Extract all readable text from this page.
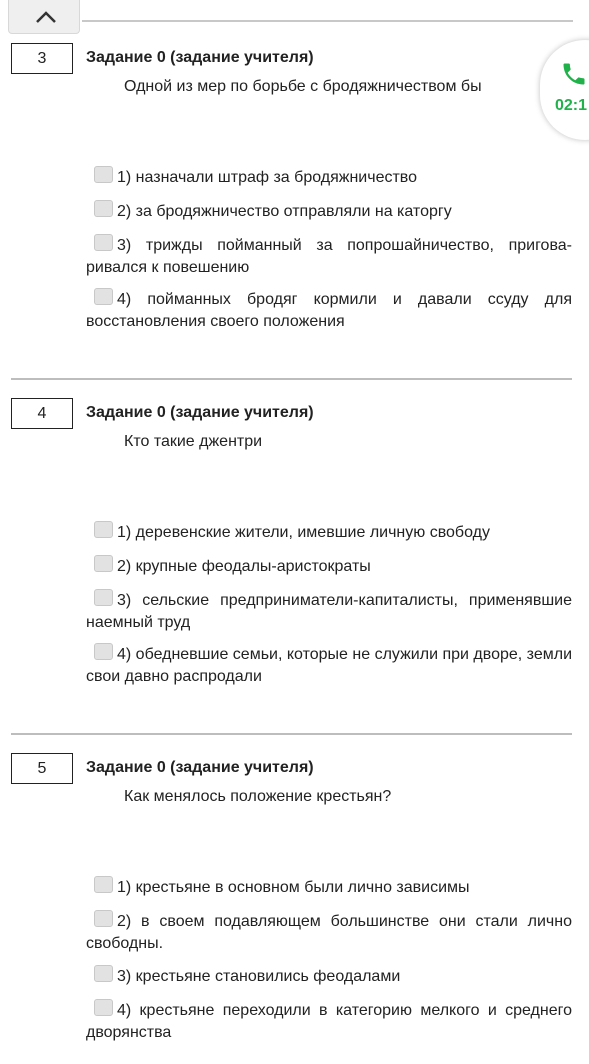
3	Задание 0 (задание учителя)
Одной из мер по борьбе с бродяжничеством бы
1) назначали штраф за бродяжничество
2) за бродяжничество отправляли на каторгу
3) трижды пойманный за попрошайничество, приговаривался к повешению
4) пойманных бродяг кормили и давали ссуду для восстановления своего положения
4	Задание 0 (задание учителя)
Кто такие джентри
1) деревенские жители, имевшие личную свободу
2) крупные феодалы-аристократы
3) сельские предприниматели-капиталисты, применявшие наемный труд
4) обедневшие семьи, которые не служили при дворе, земли свои давно распродали
5	Задание 0 (задание учителя)
Как менялось положение крестьян?
1) крестьяне в основном были лично зависимы
2) в своем подавляющем большинстве они стали лично свободны.
3) крестьяне становились феодалами
4) крестьяне переходили в категорию мелкого и среднего дворянства
02:1
